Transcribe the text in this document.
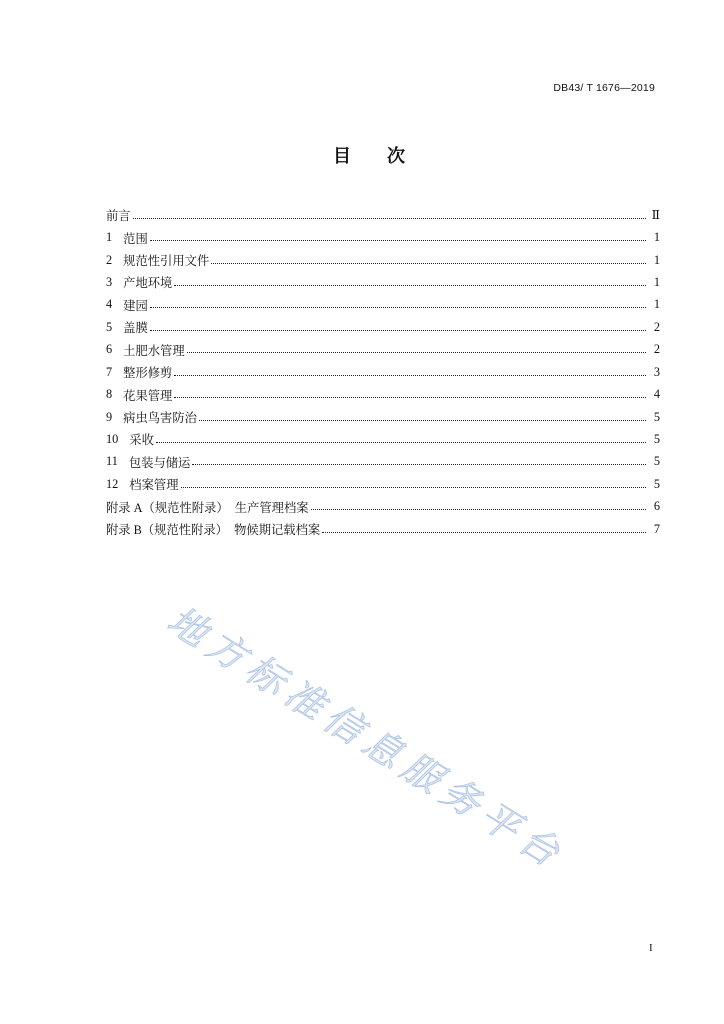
DB43/ T 1676—2019
目　　次
前言	Ⅱ
1 范围	1
2 规范性引用文件	1
3 产地环境	1
4 建园	1
5 盖膜	2
6 土肥水管理	2
7 整形修剪	3
8 花果管理	4
9 病虫鸟害防治	5
10 采收	5
11 包装与储运	5
12 档案管理	5
附录 A（规范性附录）　生产管理档案	6
附录 B（规范性附录）　物候期记载档案	7
地方标准信息服务平台
I
